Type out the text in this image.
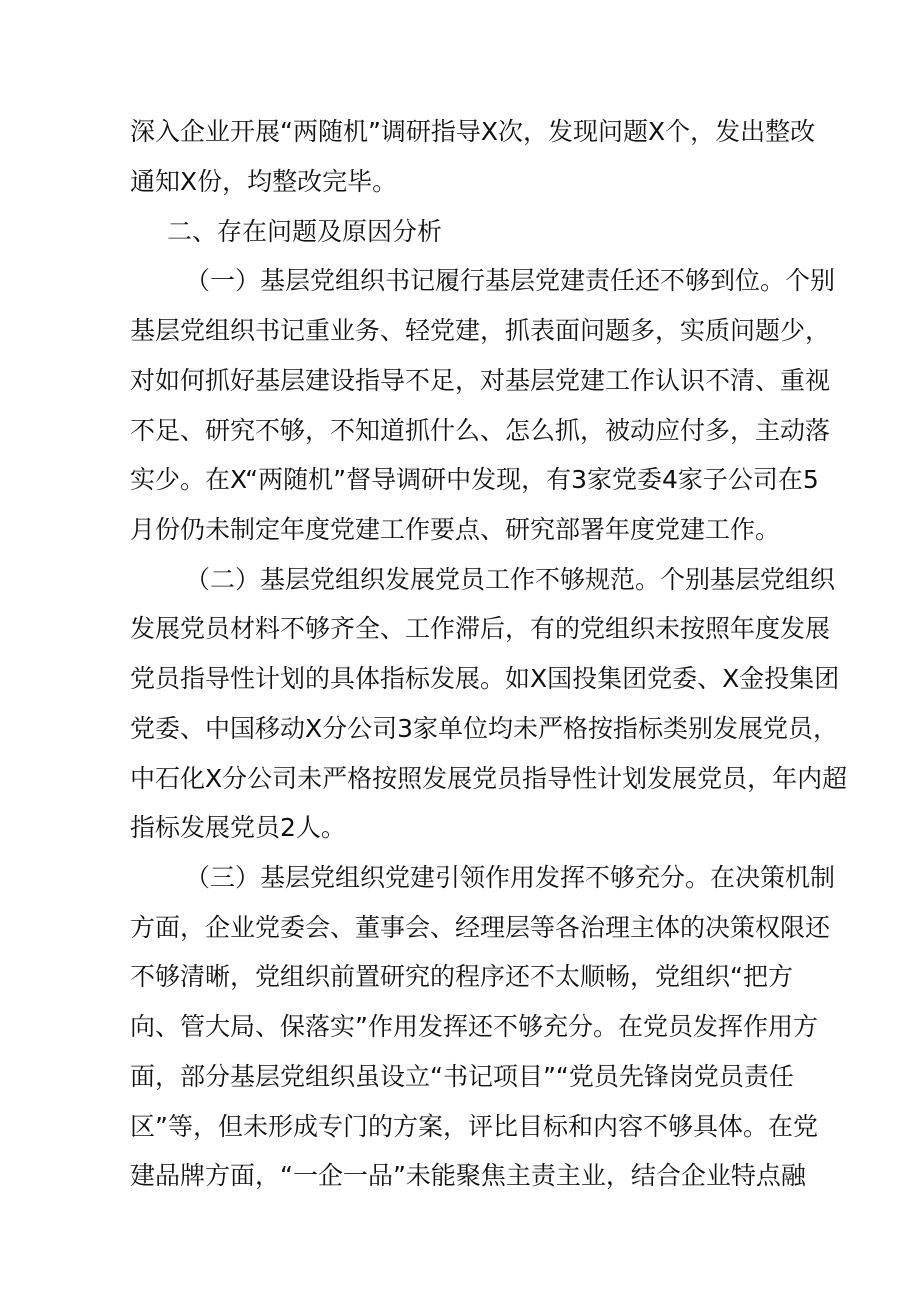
深入企业开展“两随机”调研指导X次，发现问题X个，发出整改
通知X份，均整改完毕。
二、存在问题及原因分析
（一）基层党组织书记履行基层党建责任还不够到位。个别
基层党组织书记重业务、轻党建，抓表面问题多，实质问题少，
对如何抓好基层建设指导不足，对基层党建工作认识不清、重视
不足、研究不够，不知道抓什么、怎么抓，被动应付多，主动落
实少。在X“两随机”督导调研中发现，有3家党委4家子公司在5
月份仍未制定年度党建工作要点、研究部署年度党建工作。
（二）基层党组织发展党员工作不够规范。个别基层党组织
发展党员材料不够齐全、工作滞后，有的党组织未按照年度发展
党员指导性计划的具体指标发展。如X国投集团党委、X金投集团
党委、中国移动X分公司3家单位均未严格按指标类别发展党员，
中石化X分公司未严格按照发展党员指导性计划发展党员，年内超
指标发展党员2人。
（三）基层党组织党建引领作用发挥不够充分。在决策机制
方面，企业党委会、董事会、经理层等各治理主体的决策权限还
不够清晰，党组织前置研究的程序还不太顺畅，党组织“把方
向、管大局、保落实”作用发挥还不够充分。在党员发挥作用方
面，部分基层党组织虽设立“书记项目”“党员先锋岗党员责任
区”等，但未形成专门的方案，评比目标和内容不够具体。在党
建品牌方面，“一企一品”未能聚焦主责主业，结合企业特点融
